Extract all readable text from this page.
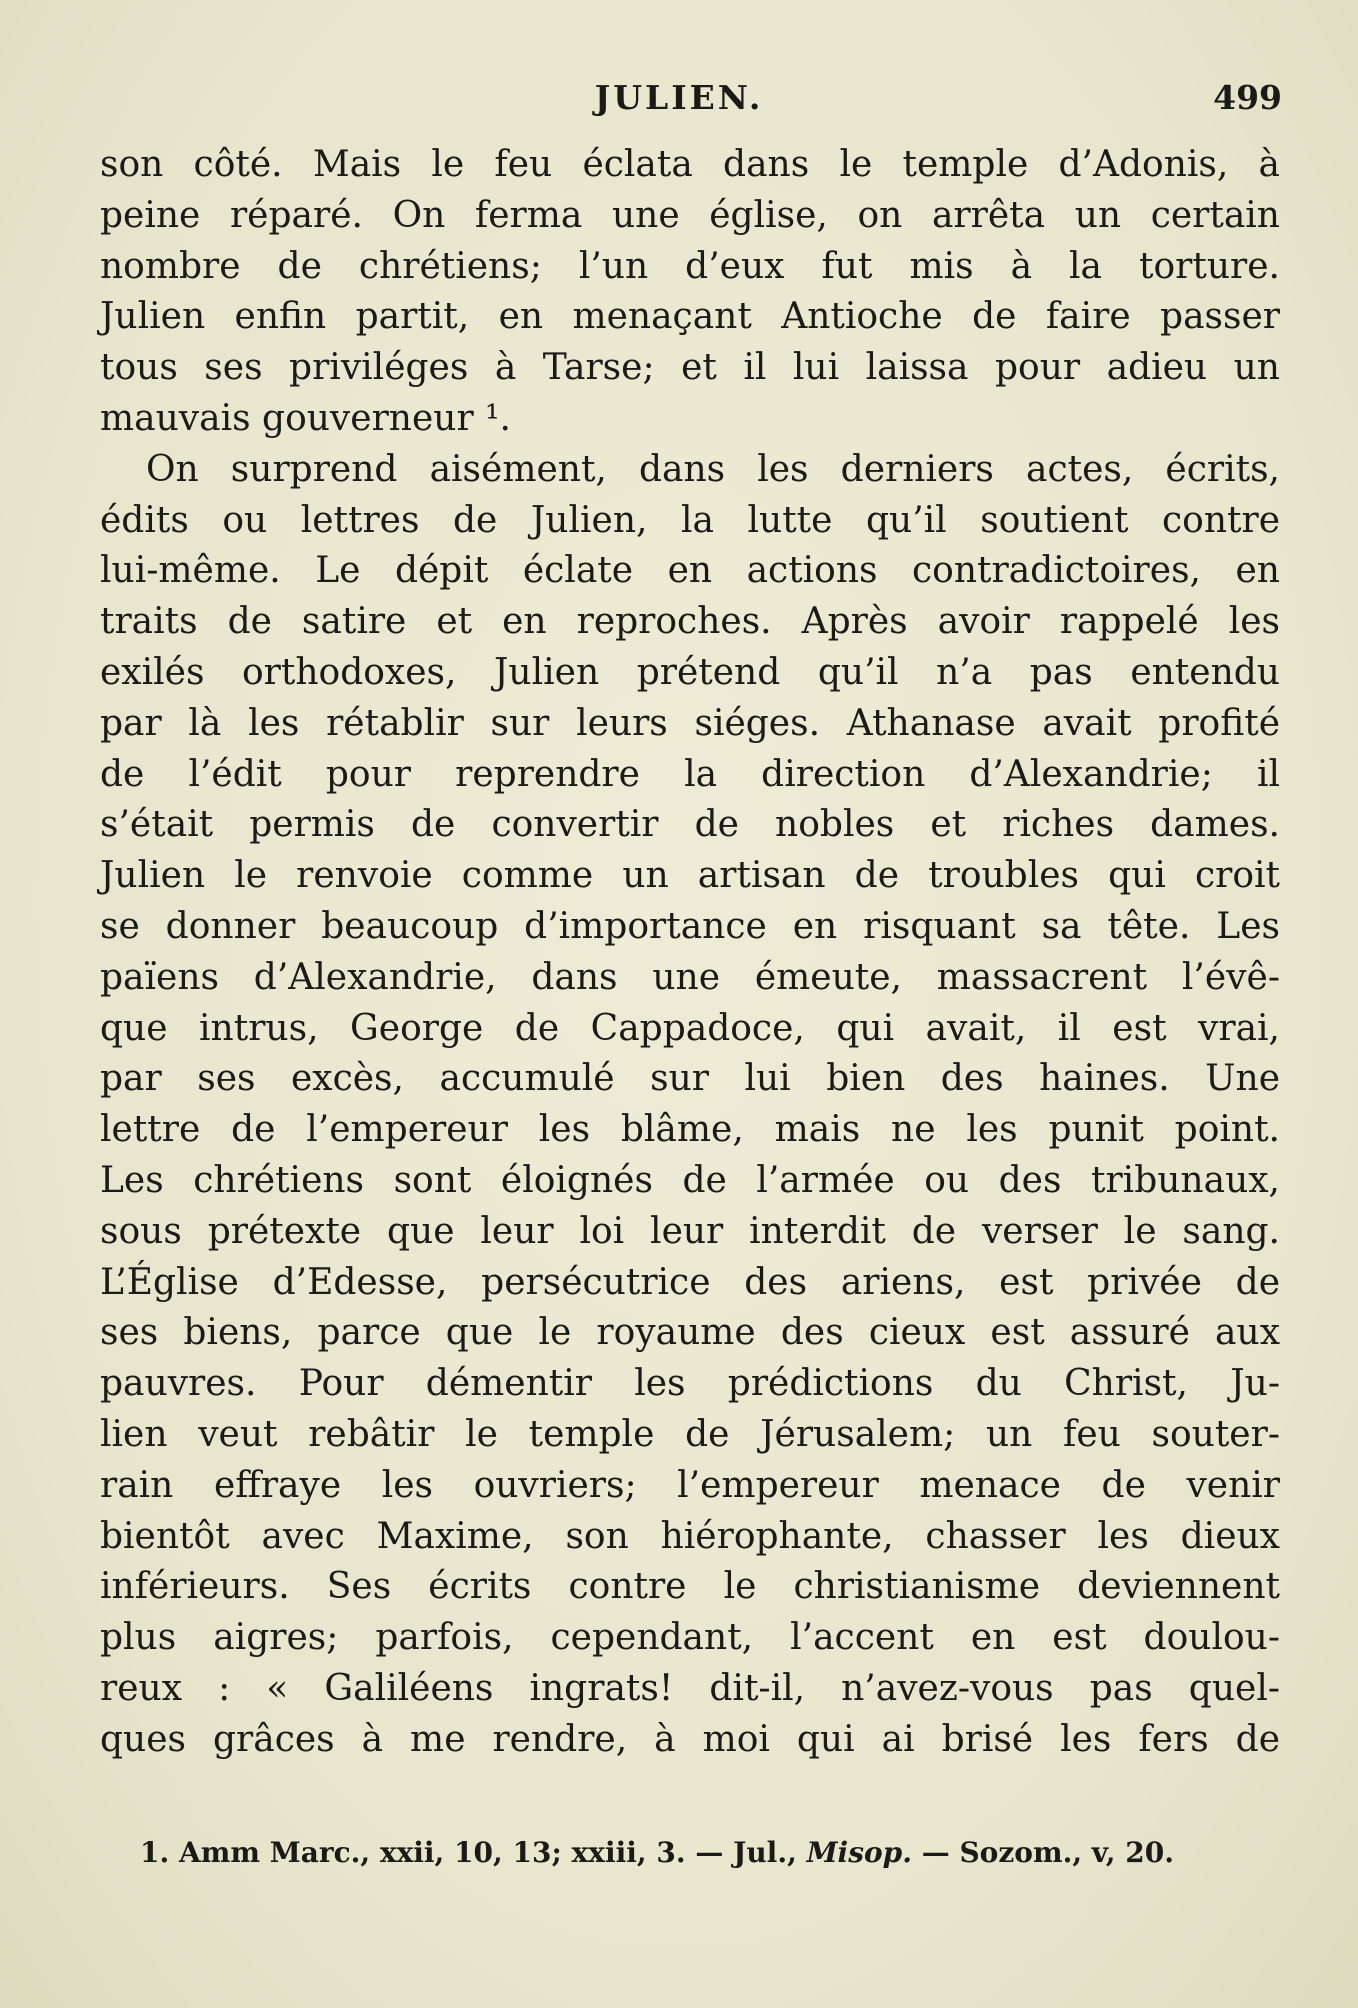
JULIEN.	499
son côté. Mais le feu éclata dans le temple d’Adonis, à
peine réparé. On ferma une église, on arrêta un certain
nombre de chrétiens; l’un d’eux fut mis à la torture.
Julien enfin partit, en menaçant Antioche de faire passer
tous ses priviléges à Tarse; et il lui laissa pour adieu un
mauvais gouverneur ¹.
On surprend aisément, dans les derniers actes, écrits,
édits ou lettres de Julien, la lutte qu’il soutient contre
lui-même. Le dépit éclate en actions contradictoires, en
traits de satire et en reproches. Après avoir rappelé les
exilés orthodoxes, Julien prétend qu’il n’a pas entendu
par là les rétablir sur leurs siéges. Athanase avait profité
de l’édit pour reprendre la direction d’Alexandrie; il
s’était permis de convertir de nobles et riches dames.
Julien le renvoie comme un artisan de troubles qui croit
se donner beaucoup d’importance en risquant sa tête. Les
païens d’Alexandrie, dans une émeute, massacrent l’évê-
que intrus, George de Cappadoce, qui avait, il est vrai,
par ses excès, accumulé sur lui bien des haines. Une
lettre de l’empereur les blâme, mais ne les punit point.
Les chrétiens sont éloignés de l’armée ou des tribunaux,
sous prétexte que leur loi leur interdit de verser le sang.
L’Église d’Edesse, persécutrice des ariens, est privée de
ses biens, parce que le royaume des cieux est assuré aux
pauvres. Pour démentir les prédictions du Christ, Ju-
lien veut rebâtir le temple de Jérusalem; un feu souter-
rain effraye les ouvriers; l’empereur menace de venir
bientôt avec Maxime, son hiérophante, chasser les dieux
inférieurs. Ses écrits contre le christianisme deviennent
plus aigres; parfois, cependant, l’accent en est doulou-
reux : « Galiléens ingrats! dit-il, n’avez-vous pas quel-
ques grâces à me rendre, à moi qui ai brisé les fers de
1. Amm Marc., xxii, 10, 13; xxiii, 3. — Jul., Misop. — Sozom., v, 20.
